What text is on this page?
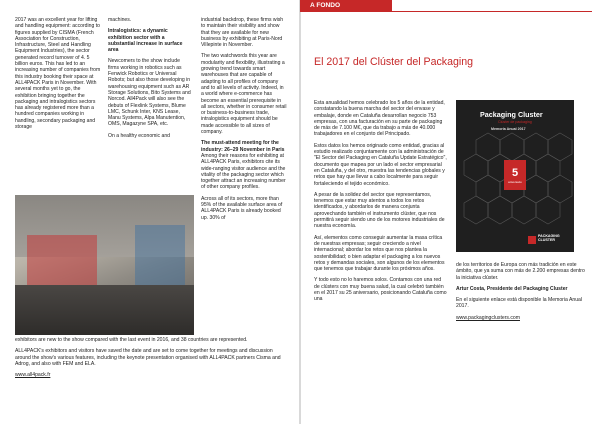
2017 was an excellent year for lifting and handling equipment: according to figures supplied by CISMA (French Association for Construction, Infrastructure, Steel and Handling Equipment Industries), the sector generated record turnover of 4. 5 billion euros. This has led to an increasing number of companies from this industry booking their space at ALL4PACK Paris in November. With several months yet to go, the exhibition bringing together the packaging and intralogistics sectors has already registered more than a hundred companies working in handling, secondary packaging and storage

machines.

Intralogistics: a dynamic exhibition sector with a substantial increase in surface area

Newcomers to the show include firms working in robotics such as Fenwick Robotics or Universal Robots; but also those developing in warehousing equipment such as AR Storage Solutions, Bito Systems and Norcod. All4Pack will also see the debuts of Flexlink Systems, Blume LMC, Schunk Inter, KNS Lease, Manu Systems, Alpa Manutention, OMS, Magazyne SPA, etc.

On a healthy economic and

industrial backdrop, these firms wish to maintain their visibility and show that they are available for new business by exhibiting at Paris-Nord Villepinte in November.

The two watchwords this year are modularity and flexibility, illustrating a growing trend towards smart warehouses that are capable of adapting to all profiles of company and to all levels of activity. Indeed, in a world where e-commerce has become an essential prerequisite in all sectors, whether in consumer retail or business-to-business trade, intralogistics equipment should be made accessible to all sizes of company.

The must-attend meeting for the industry: 26–29 November in Paris

Among their reasons for exhibiting at ALL4PACK Paris, exhibitors cite its wide-ranging visitor audience and the vitality of the packaging sector which together attract an increasing number of other company profiles.

Across all of its sectors, more than 95% of the available surface area of ALL4PACK Paris is already booked up. 30% of

exhibitors are new to the show compared with the last event in 2016, and 38 countries are represented.

ALL4PACK's exhibitors and visitors have saved the date and are set to come together for meetings and discussion around the show's various features, including the keynote presentation organised with ALL4PACK partners Cisma and Adrog, and also with FEM and ELA.

www.all4pack.fr

A FONDO
El 2017 del Clúster del Packaging

Esta anualidad hemos celebrado los 5 años de la entidad, constatando la buena marcha del sector del envase y embalaje, donde en Cataluña desarrollan negocio 753 empresas, con una facturación en su parte de packaging de más de 7.100 M€, que da trabajo a más de 40.000 trabajadores en el conjunto del Principado.

Estos datos los hemos originado como entidad, gracias al estudio realizado conjuntamente con la administración de "El Sector del Packaging en Cataluña Update Estratégico", documento que mapea por un lado el sector empresarial en Cataluña, y del otro, muestra las tendencias globales y retos que hay que llevar a cabo localmente para seguir fortaleciendo el tejido económico.

A pesar de la solidez del sector que representamos, tenemos que estar muy atentos a todos los retos identificados, y abordarlos de manera conjunta aprovechando también el instrumento clúster, que nos permitirá seguir siendo uno de los motores industriales de nuestra economía.

Así, elementos como conseguir aumentar la masa crítica de nuestras empresas; seguir creciendo a nivel internacional; abordar los retos que nos plantea la sostenibilidad; o bien adaptar el packaging a los nuevos retos y demandas sociales, son algunos de los elementos que tenemos que trabajar durante los próximos años.

Y todo esto no lo haremos solos. Contamos con una red de clústers con muy buena salud, la cual celebró también en el 2017 su 25 aniversario, posicionando Cataluña como una

Packaging Cluster
Clúster de packaging
Memoria Anual 2017
5
aniversario
PACKAGING
CLUSTER

de los territorios de Europa con más tradición en este ámbito, que ya suma con más de 2.200 empresas dentro la iniciativa clúster.

Artur Costa, Presidente del Packaging Cluster

En el siguiente enlace está disponible la Memoria Anual 2017.

www.packagingclusters.com
